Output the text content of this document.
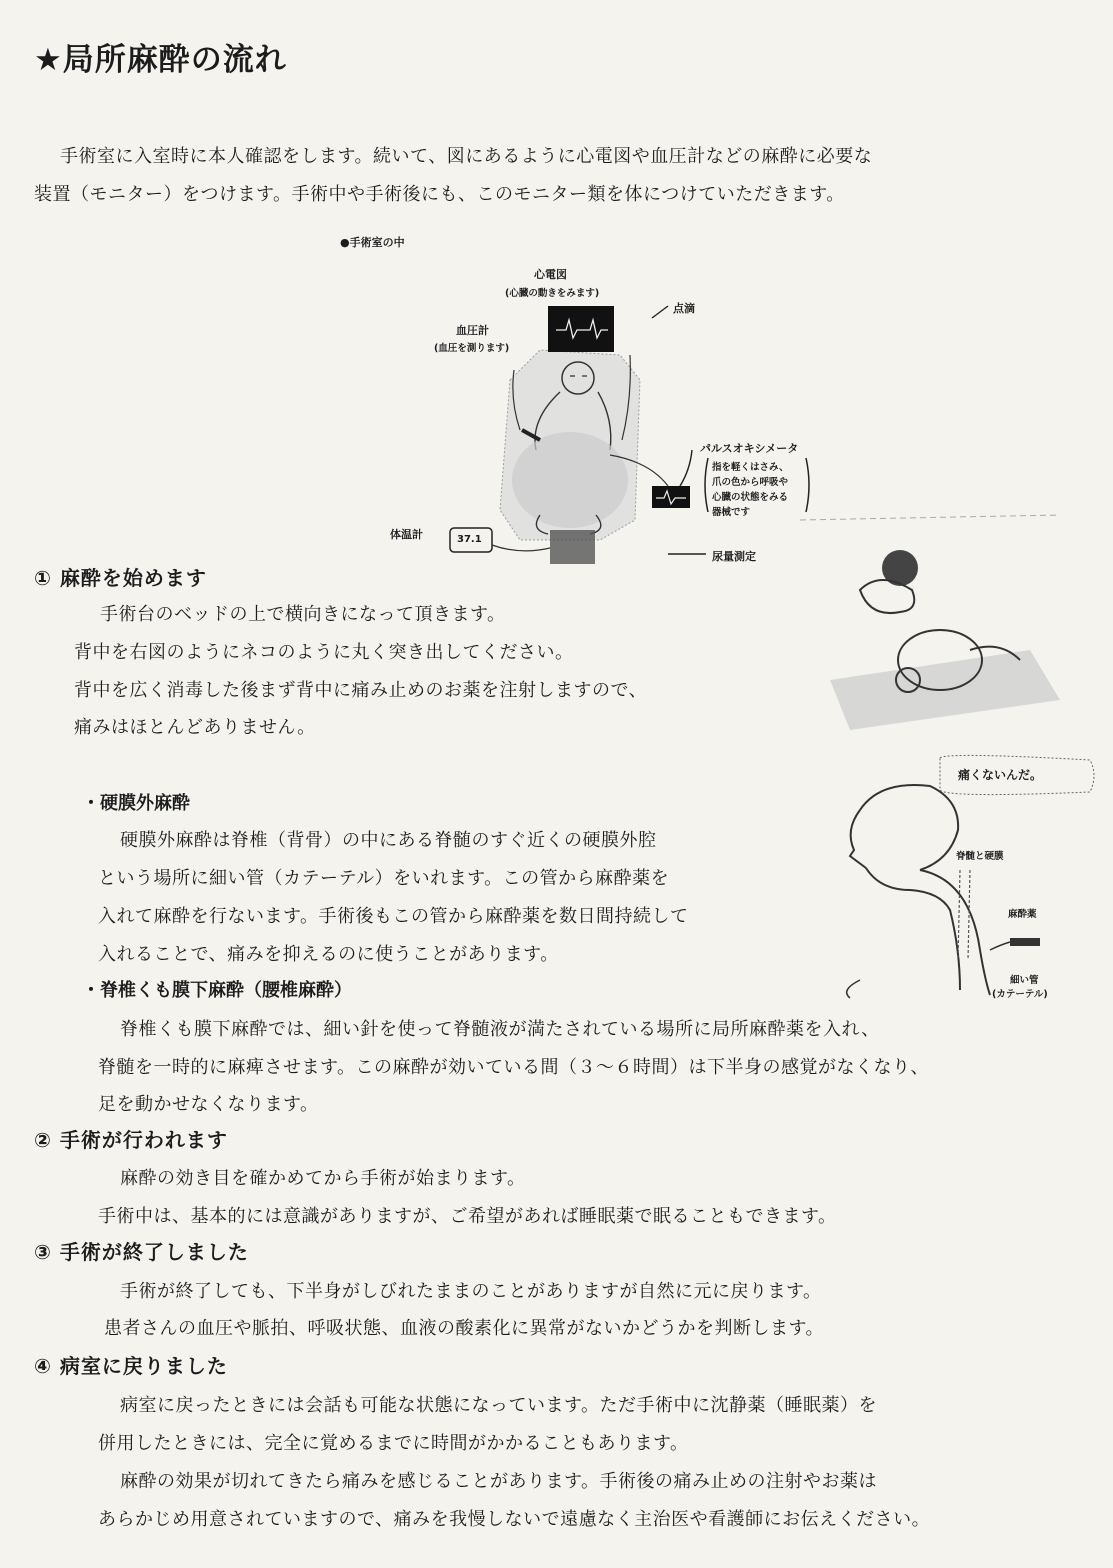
★局所麻酔の流れ
手術室に入室時に本人確認をします。続いて、図にあるように心電図や血圧計などの麻酔に必要な
装置（モニター）をつけます。手術中や手術後にも、このモニター類を体につけていただきます。
●手術室の中
心電図
(心臓の動きをみます)
点滴
血圧計
(血圧を測ります)
パルスオキシメータ
指を軽くはさみ、
爪の色から呼吸や
心臓の状態をみる
器械です
体温計	37.1
尿量測定
痛くないんだ。
脊髄と硬膜
麻酔薬
細い管
(カテーテル)
① 麻酔を始めます
手術台のベッドの上で横向きになって頂きます。
背中を右図のようにネコのように丸く突き出してください。
背中を広く消毒した後まず背中に痛み止めのお薬を注射しますので、
痛みはほとんどありません。
・硬膜外麻酔
硬膜外麻酔は脊椎（背骨）の中にある脊髄のすぐ近くの硬膜外腔
という場所に細い管（カテーテル）をいれます。この管から麻酔薬を
入れて麻酔を行ないます。手術後もこの管から麻酔薬を数日間持続して
入れることで、痛みを抑えるのに使うことがあります。
・脊椎くも膜下麻酔（腰椎麻酔）
脊椎くも膜下麻酔では、細い針を使って脊髄液が満たされている場所に局所麻酔薬を入れ、
脊髄を一時的に麻痺させます。この麻酔が効いている間（３～６時間）は下半身の感覚がなくなり、
足を動かせなくなります。
② 手術が行われます
麻酔の効き目を確かめてから手術が始まります。
手術中は、基本的には意識がありますが、ご希望があれば睡眠薬で眠ることもできます。
③ 手術が終了しました
手術が終了しても、下半身がしびれたままのことがありますが自然に元に戻ります。
患者さんの血圧や脈拍、呼吸状態、血液の酸素化に異常がないかどうかを判断します。
④ 病室に戻りました
病室に戻ったときには会話も可能な状態になっています。ただ手術中に沈静薬（睡眠薬）を
併用したときには、完全に覚めるまでに時間がかかることもあります。
麻酔の効果が切れてきたら痛みを感じることがあります。手術後の痛み止めの注射やお薬は
あらかじめ用意されていますので、痛みを我慢しないで遠慮なく主治医や看護師にお伝えください。
